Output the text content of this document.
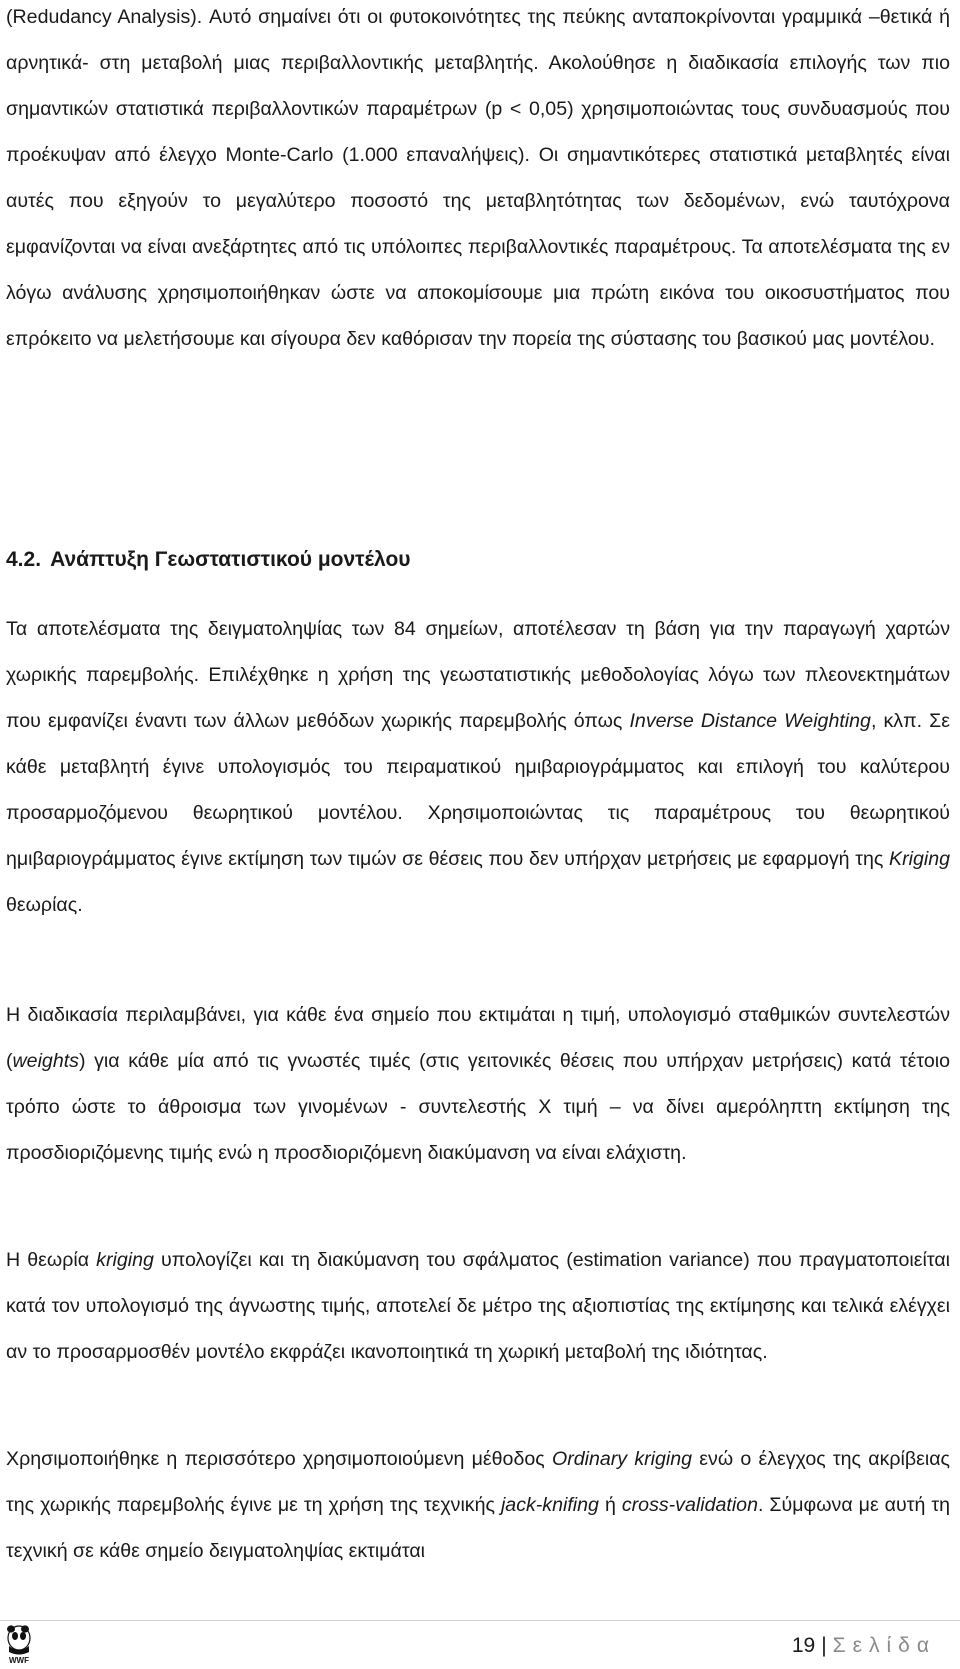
(Redudancy Analysis). Αυτό σημαίνει ότι οι φυτοκοινότητες της πεύκης ανταποκρίνονται γραμμικά –θετικά ή αρνητικά- στη μεταβολή μιας περιβαλλοντικής μεταβλητής. Ακολούθησε η διαδικασία επιλογής των πιο σημαντικών στατιστικά περιβαλλοντικών παραμέτρων (p < 0,05) χρησιμοποιώντας τους συνδυασμούς που προέκυψαν από έλεγχο Monte-Carlo (1.000 επαναλήψεις). Οι σημαντικότερες στατιστικά μεταβλητές είναι αυτές που εξηγούν το μεγαλύτερο ποσοστό της μεταβλητότητας των δεδομένων, ενώ ταυτόχρονα εμφανίζονται να είναι ανεξάρτητες από τις υπόλοιπες περιβαλλοντικές παραμέτρους. Τα αποτελέσματα της εν λόγω ανάλυσης χρησιμοποιήθηκαν ώστε να αποκομίσουμε μια πρώτη εικόνα του οικοσυστήματος που επρόκειτο να μελετήσουμε και σίγουρα δεν καθόρισαν την πορεία της σύστασης του βασικού μας μοντέλου.

4.2. Ανάπτυξη Γεωστατιστικού μοντέλου

Τα αποτελέσματα της δειγματοληψίας των 84 σημείων, αποτέλεσαν τη βάση για την παραγωγή χαρτών χωρικής παρεμβολής. Επιλέχθηκε η χρήση της γεωστατιστικής μεθοδολογίας λόγω των πλεονεκτημάτων που εμφανίζει έναντι των άλλων μεθόδων χωρικής παρεμβολής όπως Inverse Distance Weighting, κλπ. Σε κάθε μεταβλητή έγινε υπολογισμός του πειραματικού ημιβαριογράμματος και επιλογή του καλύτερου προσαρμοζόμενου θεωρητικού μοντέλου. Χρησιμοποιώντας τις παραμέτρους του θεωρητικού ημιβαριογράμματος έγινε εκτίμηση των τιμών σε θέσεις που δεν υπήρχαν μετρήσεις με εφαρμογή της Kriging θεωρίας.

Η διαδικασία περιλαμβάνει, για κάθε ένα σημείο που εκτιμάται η τιμή, υπολογισμό σταθμικών συντελεστών (weights) για κάθε μία από τις γνωστές τιμές (στις γειτονικές θέσεις που υπήρχαν μετρήσεις) κατά τέτοιο τρόπο ώστε το άθροισμα των γινομένων - συντελεστής Χ τιμή – να δίνει αμερόληπτη εκτίμηση της προσδιοριζόμενης τιμής ενώ η προσδιοριζόμενη διακύμανση να είναι ελάχιστη.

Η θεωρία kriging υπολογίζει και τη διακύμανση του σφάλματος (estimation variance) που πραγματοποιείται κατά τον υπολογισμό της άγνωστης τιμής, αποτελεί δε μέτρο της αξιοπιστίας της εκτίμησης και τελικά ελέγχει αν το προσαρμοσθέν μοντέλο εκφράζει ικανοποιητικά τη χωρική μεταβολή της ιδιότητας.

Χρησιμοποιήθηκε η περισσότερο χρησιμοποιούμενη μέθοδος Ordinary kriging ενώ ο έλεγχος της ακρίβειας της χωρικής παρεμβολής έγινε με τη χρήση της τεχνικής jack-knifing ή cross-validation. Σύμφωνα με αυτή τη τεχνική σε κάθε σημείο δειγματοληψίας εκτιμάται

WWF
19 | Σελίδα
